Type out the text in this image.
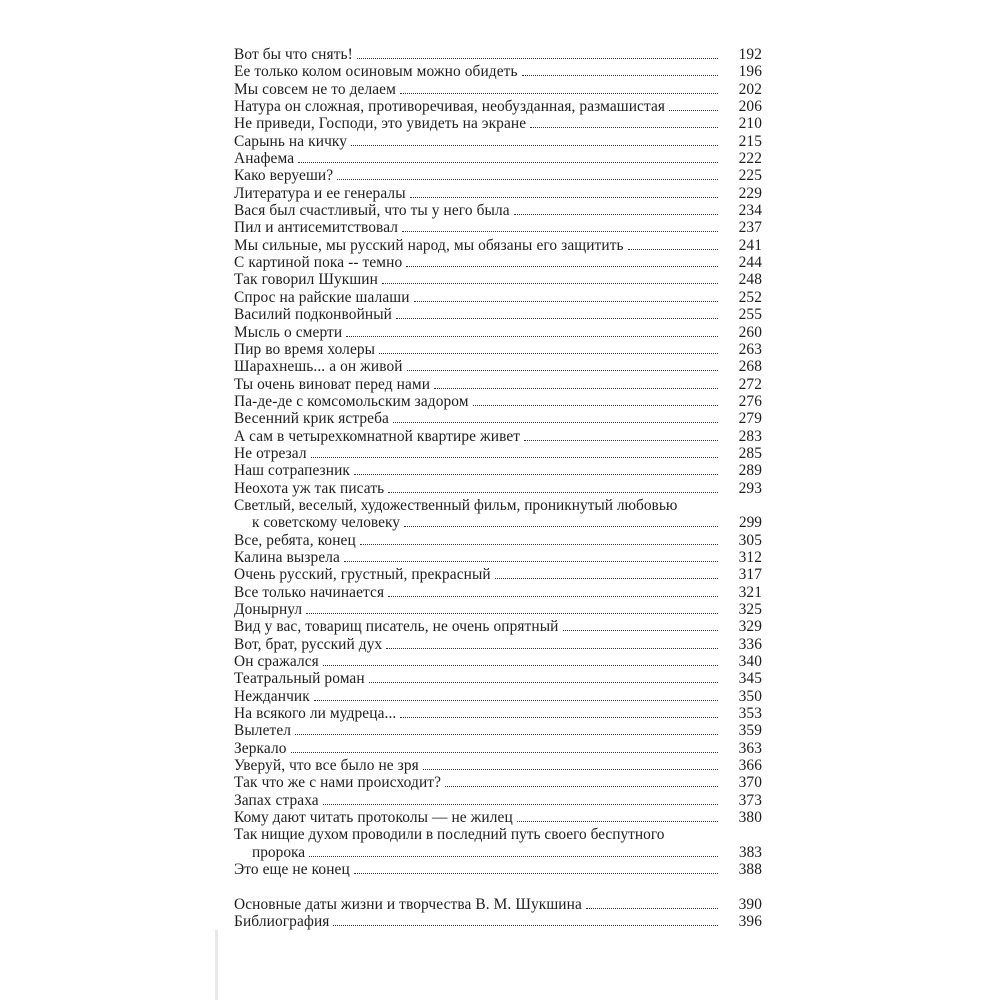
Вот бы что снять!	192
Ее только колом осиновым можно обидеть	196
Мы совсем не то делаем	202
Натура он сложная, противоречивая, необузданная, размашистая	206
Не приведи, Господи, это увидеть на экране	210
Сарынь на кичку	215
Анафема	222
Како веруеши?	225
Литература и ее генералы	229
Вася был счастливый, что ты у него была	234
Пил и антисемитствовал	237
Мы сильные, мы русский народ, мы обязаны его защитить	241
С картиной пока -- темно	244
Так говорил Шукшин	248
Спрос на райские шалаши	252
Василий подконвойный	255
Мысль о смерти	260
Пир во время холеры	263
Шарахнешь... а он живой	268
Ты очень виноват перед нами	272
Па-де-де с комсомольским задором	276
Весенний крик ястреба	279
А сам в четырехкомнатной квартире живет	283
Не отрезал	285
Наш сотрапезник	289
Неохота уж так писать	293
Светлый, веселый, художественный фильм, проникнутый любовью
к советскому человеку	299
Все, ребята, конец	305
Калина вызрела	312
Очень русский, грустный, прекрасный	317
Все только начинается	321
Донырнул	325
Вид у вас, товарищ писатель, не очень опрятный	329
Вот, брат, русский дух	336
Он сражался	340
Театральный роман	345
Нежданчик	350
На всякого ли мудреца...	353
Вылетел	359
Зеркало	363
Уверуй, что все было не зря	366
Так что же с нами происходит?	370
Запах страха	373
Кому дают читать протоколы — не жилец	380
Так нищие духом проводили в последний путь своего беспутного
пророка	383
Это еще не конец	388
Основные даты жизни и творчества В. М. Шукшина	390
Библиография	396
